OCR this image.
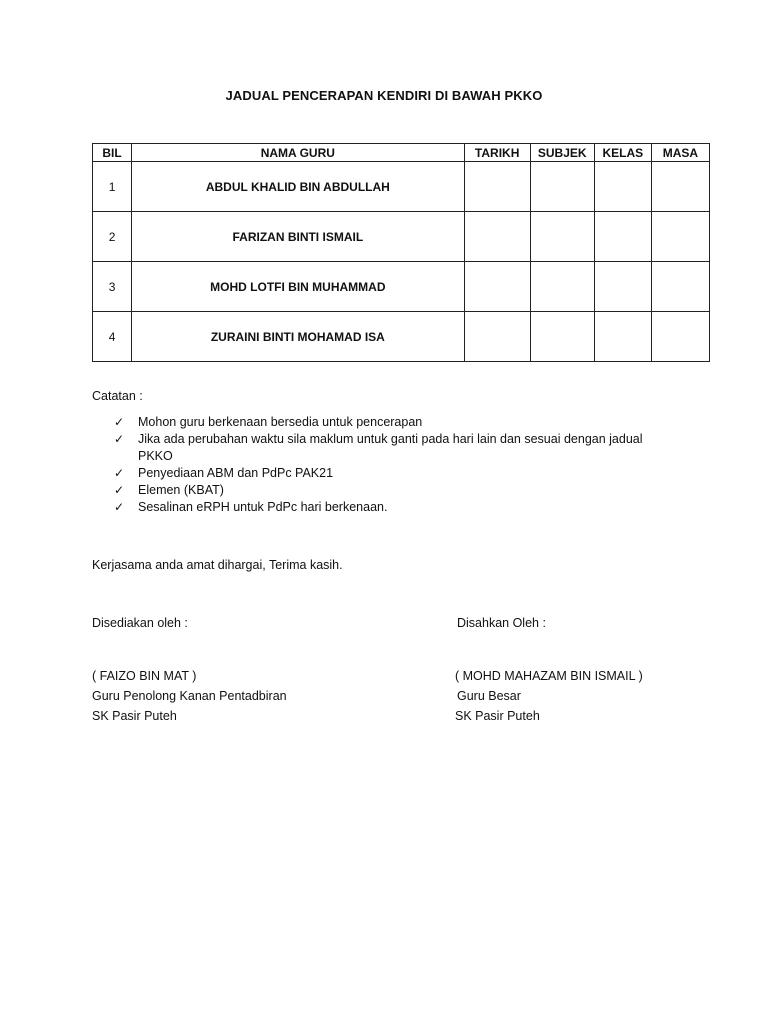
JADUAL PENCERAPAN KENDIRI DI BAWAH PKKO
BIL	NAMA GURU	TARIKH	SUBJEK	KELAS	MASA
1	ABDUL KHALID BIN ABDULLAH				
2	FARIZAN BINTI ISMAIL				
3	MOHD LOTFI BIN MUHAMMAD				
4	ZURAINI BINTI MOHAMAD ISA				
Catatan :
✓ Mohon guru berkenaan bersedia untuk pencerapan
✓ Jika ada perubahan waktu sila maklum untuk ganti pada hari lain dan sesuai dengan jadual PKKO
✓ Penyediaan ABM dan PdPc PAK21
✓ Elemen (KBAT)
✓ Sesalinan eRPH untuk PdPc hari berkenaan.
Kerjasama anda amat dihargai, Terima kasih.
Disediakan oleh :
( FAIZO BIN MAT )
Guru Penolong Kanan Pentadbiran
SK Pasir Puteh
Disahkan Oleh :
( MOHD MAHAZAM BIN ISMAIL )
Guru Besar
SK Pasir Puteh
